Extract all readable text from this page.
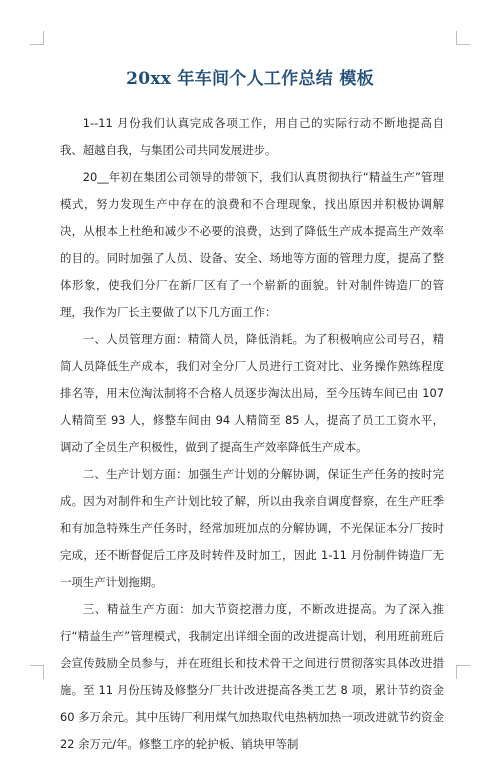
20xx 年车间个人工作总结 模板

1--11 月份我们认真完成各项工作，用自己的实际行动不断地提高自我、超越自我，与集团公司共同发展进步。

20__年初在集团公司领导的带领下，我们认真贯彻执行“精益生产”管理模式，努力发现生产中存在的浪费和不合理现象，找出原因并积极协调解决，从根本上杜绝和减少不必要的浪费，达到了降低生产成本提高生产效率的目的。同时加强了人员、设备、安全、场地等方面的管理力度，提高了整体形象，使我们分厂在新厂区有了一个崭新的面貌。针对制件铸造厂的管理，我作为厂长主要做了以下几方面工作：

一、人员管理方面：精简人员，降低消耗。为了积极响应公司号召，精简人员降低生产成本，我们对全分厂人员进行工资对比、业务操作熟练程度排名等，用末位淘汰制将不合格人员逐步淘汰出局，至今压铸车间已由 107 人精简至 93 人，修整车间由 94 人精简至 85 人，提高了员工工资水平，调动了全员生产积极性，做到了提高生产效率降低生产成本。

二、生产计划方面：加强生产计划的分解协调，保证生产任务的按时完成。因为对制件和生产计划比较了解，所以由我亲自调度督察，在生产旺季和有加急特殊生产任务时，经常加班加点的分解协调，不光保证本分厂按时完成，还不断督促后工序及时转件及时加工，因此 1-11 月份制件铸造厂无一项生产计划拖期。

三、精益生产方面：加大节资挖潜力度，不断改进提高。为了深入推行“精益生产”管理模式，我制定出详细全面的改进提高计划，利用班前班后会宣传鼓励全员参与，并在班组长和技术骨干之间进行贯彻落实具体改进措施。至 11 月份压铸及修整分厂共计改进提高各类工艺 8 项，累计节约资金 60 多万余元。其中压铸厂利用煤气加热取代电热柄加热一项改进就节约资金 22 余万元/年。修整工序的轮护板、销块甲等制
